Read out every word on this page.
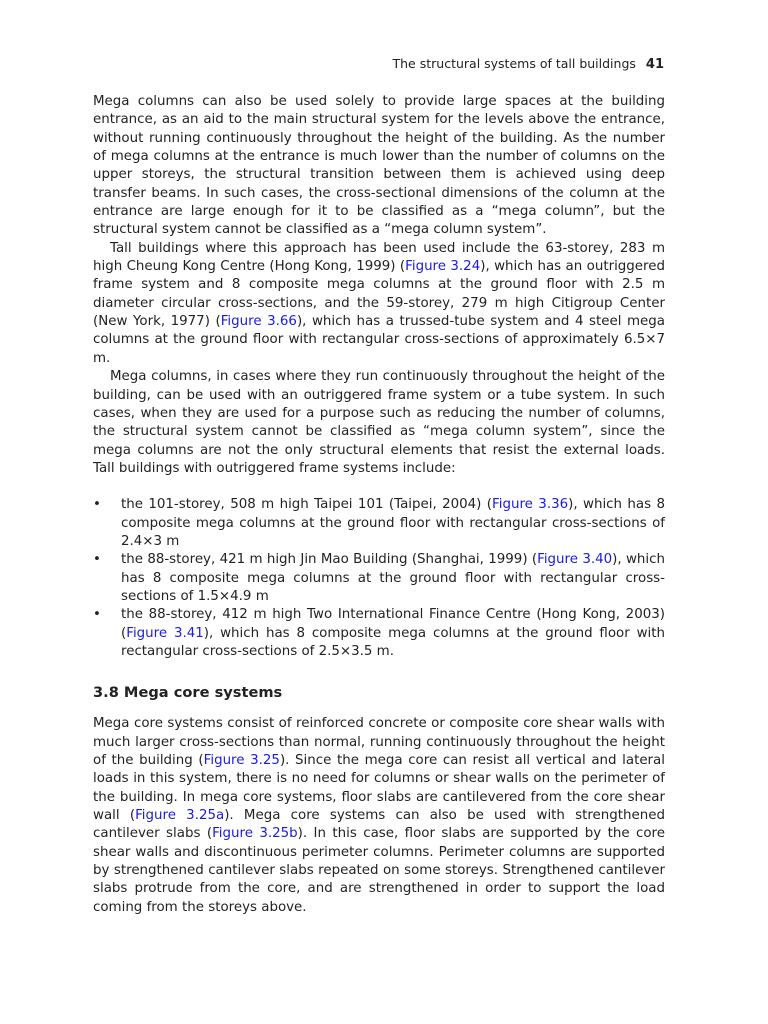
The structural systems of tall buildings 41

Mega columns can also be used solely to provide large spaces at the building entrance, as an aid to the main structural system for the levels above the entrance, without running continuously throughout the height of the building. As the number of mega columns at the entrance is much lower than the number of columns on the upper storeys, the structural transition between them is achieved using deep transfer beams. In such cases, the cross-sectional dimensions of the column at the entrance are large enough for it to be classified as a “mega column”, but the structural system cannot be classified as a “mega column system”.

Tall buildings where this approach has been used include the 63-storey, 283 m high Cheung Kong Centre (Hong Kong, 1999) (Figure 3.24), which has an outriggered frame system and 8 composite mega columns at the ground floor with 2.5 m diameter circular cross-sections, and the 59-storey, 279 m high Citigroup Center (New York, 1977) (Figure 3.66), which has a trussed-tube system and 4 steel mega columns at the ground floor with rectangular cross-sections of approximately 6.5×7 m.

Mega columns, in cases where they run continuously throughout the height of the building, can be used with an outriggered frame system or a tube system. In such cases, when they are used for a purpose such as reducing the number of columns, the structural system cannot be classified as “mega column system”, since the mega columns are not the only structural elements that resist the external loads. Tall buildings with outriggered frame systems include:

• the 101-storey, 508 m high Taipei 101 (Taipei, 2004) (Figure 3.36), which has 8 composite mega columns at the ground floor with rectangular cross-sections of 2.4×3 m
• the 88-storey, 421 m high Jin Mao Building (Shanghai, 1999) (Figure 3.40), which has 8 composite mega columns at the ground floor with rectangular cross-sections of 1.5×4.9 m
• the 88-storey, 412 m high Two International Finance Centre (Hong Kong, 2003) (Figure 3.41), which has 8 composite mega columns at the ground floor with rectangular cross-sections of 2.5×3.5 m.
3.8 Mega core systems

Mega core systems consist of reinforced concrete or composite core shear walls with much larger cross-sections than normal, running continuously throughout the height of the building (Figure 3.25). Since the mega core can resist all vertical and lateral loads in this system, there is no need for columns or shear walls on the perimeter of the building. In mega core systems, floor slabs are cantilevered from the core shear wall (Figure 3.25a). Mega core systems can also be used with strengthened cantilever slabs (Figure 3.25b). In this case, floor slabs are supported by the core shear walls and discontinuous perimeter columns. Perimeter columns are supported by strengthened cantilever slabs repeated on some storeys. Strengthened cantilever slabs protrude from the core, and are strengthened in order to support the load coming from the storeys above.
